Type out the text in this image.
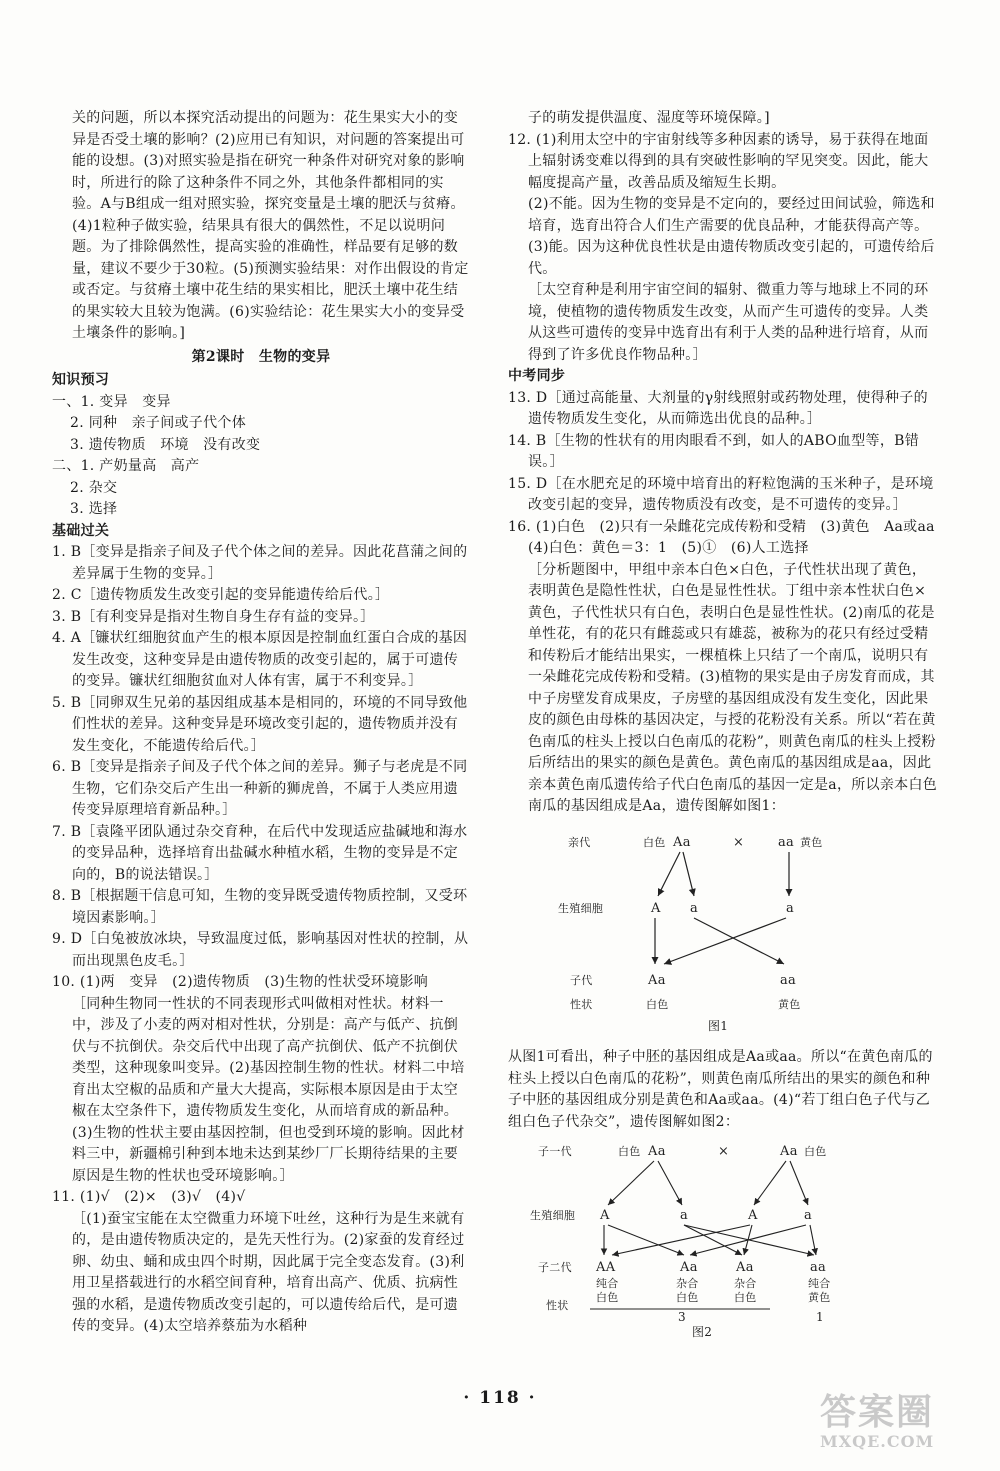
关的问题，所以本探究活动提出的问题为：花生果实大小的变异是否受土壤的影响？(2)应用已有知识，对问题的答案提出可能的设想。(3)对照实验是指在研究一种条件对研究对象的影响时，所进行的除了这种条件不同之外，其他条件都相同的实验。A与B组成一组对照实验，探究变量是土壤的肥沃与贫瘠。(4)1粒种子做实验，结果具有很大的偶然性，不足以说明问题。为了排除偶然性，提高实验的准确性，样品要有足够的数量，建议不要少于30粒。(5)预测实验结果：对作出假设的肯定或否定。与贫瘠土壤中花生结的果实相比，肥沃土壤中花生结的果实较大且较为饱满。(6)实验结论：花生果实大小的变异受土壤条件的影响。]

第2课时　生物的变异

知识预习

一、1. 变异　变异

2. 同种　亲子间或子代个体

3. 遗传物质　环境　没有改变

二、1. 产奶量高　高产

2. 杂交

3. 选择

基础过关

1. B［变异是指亲子间及子代个体之间的差异。因此花菖蒲之间的差异属于生物的变异。］

2. C［遗传物质发生改变引起的变异能遗传给后代。］

3. B［有利变异是指对生物自身生存有益的变异。］

4. A［镰状红细胞贫血产生的根本原因是控制血红蛋白合成的基因发生改变，这种变异是由遗传物质的改变引起的，属于可遗传的变异。镰状红细胞贫血对人体有害，属于不利变异。］

5. B［同卵双生兄弟的基因组成基本是相同的，环境的不同导致他们性状的差异。这种变异是环境改变引起的，遗传物质并没有发生变化，不能遗传给后代。］

6. B［变异是指亲子间及子代个体之间的差异。狮子与老虎是不同生物，它们杂交后产生出一种新的狮虎兽，不属于人类应用遗传变异原理培育新品种。］

7. B［袁隆平团队通过杂交育种，在后代中发现适应盐碱地和海水的变异品种，选择培育出盐碱水种植水稻，生物的变异是不定向的，B的说法错误。］

8. B［根据题干信息可知，生物的变异既受遗传物质控制，又受环境因素影响。］

9. D［白兔被放冰块，导致温度过低，影响基因对性状的控制，从而出现黑色皮毛。］

10. (1)两　变异　(2)遗传物质　(3)生物的性状受环境影响

［同种生物同一性状的不同表现形式叫做相对性状。材料一中，涉及了小麦的两对相对性状，分别是：高产与低产、抗倒伏与不抗倒伏。杂交后代中出现了高产抗倒伏、低产不抗倒伏类型，这种现象叫变异。(2)基因控制生物的性状。材料二中培育出太空椒的品质和产量大大提高，实际根本原因是由于太空椒在太空条件下，遗传物质发生变化，从而培育成的新品种。(3)生物的性状主要由基因控制，但也受到环境的影响。因此材料三中，新疆棉引种到本地未达到某纱厂厂长期待结果的主要原因是生物的性状也受环境影响。］

11. (1)√　(2)×　(3)√　(4)√

［(1)蚕宝宝能在太空微重力环境下吐丝，这种行为是生来就有的，是由遗传物质决定的，是先天性行为。(2)家蚕的发育经过卵、幼虫、蛹和成虫四个时期，因此属于完全变态发育。(3)利用卫星搭载进行的水稻空间育种，培育出高产、优质、抗病性强的水稻，是遗传物质改变引起的，可以遗传给后代，是可遗传的变异。(4)太空培养蔡茄为水稻种

子的萌发提供温度、湿度等环境保障。]

12. (1)利用太空中的宇宙射线等多种因素的诱导，易于获得在地面上辐射诱变难以得到的具有突破性影响的罕见突变。因此，能大幅度提高产量，改善品质及缩短生长期。

(2)不能。因为生物的变异是不定向的，要经过田间试验，筛选和培育，选育出符合人们生产需要的优良品种，才能获得高产等。

(3)能。因为这种优良性状是由遗传物质改变引起的，可遗传给后代。

［太空育种是利用宇宙空间的辐射、微重力等与地球上不同的环境，使植物的遗传物质发生改变，从而产生可遗传的变异。人类从这些可遗传的变异中选育出有利于人类的品种进行培育，从而得到了许多优良作物品种。］

中考同步

13. D［通过高能量、大剂量的γ射线照射或药物处理，使得种子的遗传物质发生变化，从而筛选出优良的品种。］

14. B［生物的性状有的用肉眼看不到，如人的ABO血型等，B错误。］

15. D［在水肥充足的环境中培育出的籽粒饱满的玉米种子，是环境改变引起的变异，遗传物质没有改变，是不可遗传的变异。］

16. (1)白色　(2)只有一朵雌花完成传粉和受精　(3)黄色　Aa或aa　(4)白色：黄色＝3：1　(5)①　(6)人工选择

［分析题图中，甲组中亲本白色×白色，子代性状出现了黄色，表明黄色是隐性性状，白色是显性性状。丁组中亲本性状白色×黄色，子代性状只有白色，表明白色是显性性状。(2)南瓜的花是单性花，有的花只有雌蕊或只有雄蕊，被称为的花只有经过受精和传粉后才能结出果实，一棵植株上只结了一个南瓜，说明只有一朵雌花完成传粉和受精。(3)植物的果实是由子房发育而成，其中子房壁发育成果皮，子房壁的基因组成没有发生变化，因此果皮的颜色由母株的基因决定，与授的花粉没有关系。所以“若在黄色南瓜的柱头上授以白色南瓜的花粉”，则黄色南瓜的柱头上授粉后所结出的果实的颜色是黄色。黄色南瓜的基因组成是aa，因此亲本黄色南瓜遗传给子代白色南瓜的基因一定是a，所以亲本白色南瓜的基因组成是Aa，遗传图解如图1：

亲代
生殖细胞
子代
性状
白色 Aa	×	aa 黄色
A a	a
Aa	aa
白色	黄色
图1

从图1可看出，种子中胚的基因组成是Aa或aa。所以“在黄色南瓜的柱头上授以白色南瓜的花粉”，则黄色南瓜所结出的果实的颜色和种子中胚的基因组成分别是黄色和Aa或aa。(4)“若丁组白色子代与乙组白色子代杂交”，遗传图解如图2：

子一代
生殖细胞
子二代
性状
白色 Aa	×	Aa 白色
A	a	A	a
AA	Aa	Aa	aa
纯合
白色
杂合
白色
杂合
白色
纯合
黄色
3	1
图2
· 118 ·	答案圈
MXQE.COM
